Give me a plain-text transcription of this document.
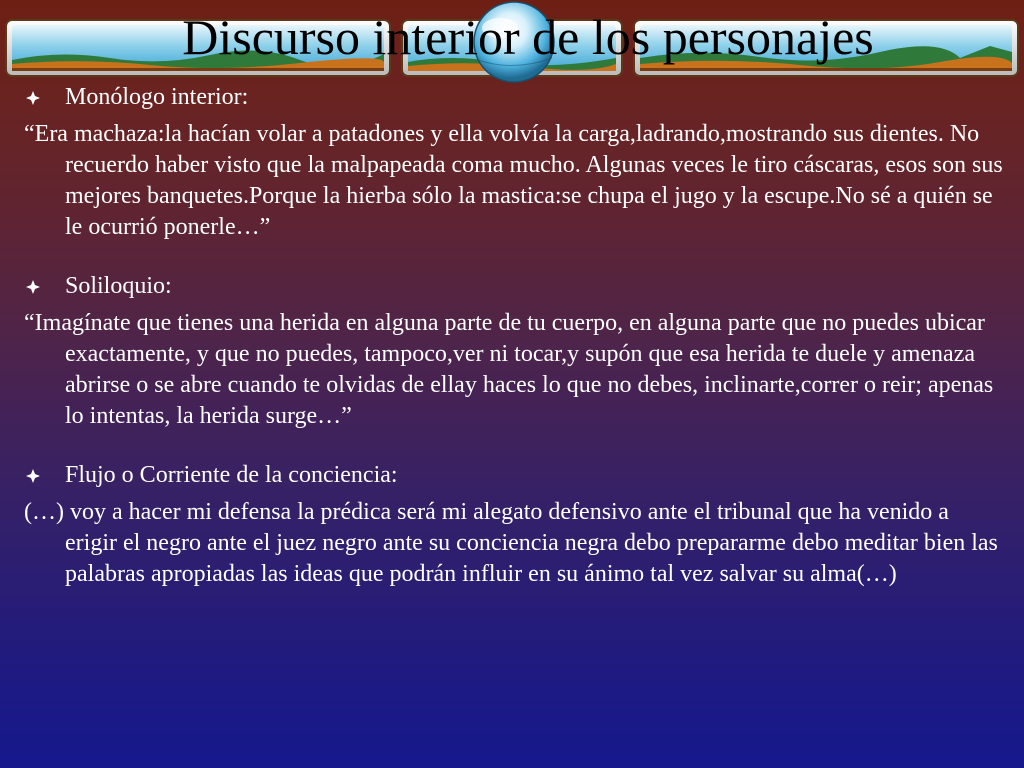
Discurso interior de los personajes
Monólogo interior:

“Era machaza:la hacían volar a patadones y ella volvía la carga,ladrando,mostrando sus dientes. No recuerdo haber visto que la malpapeada coma mucho. Algunas veces le tiro cáscaras, esos son sus mejores banquetes.Porque la hierba sólo la mastica:se chupa el jugo y la escupe.No sé a quién se le ocurrió ponerle…”

Soliloquio:

“Imagínate que tienes una herida en alguna parte de tu cuerpo, en alguna parte que no puedes ubicar exactamente, y que no puedes, tampoco,ver ni tocar,y supón que esa herida te duele y amenaza abrirse o se abre cuando te olvidas de ellay haces lo que no debes, inclinarte,correr o reir; apenas lo intentas, la herida surge…”

Flujo o Corriente de la conciencia:

(…) voy a hacer mi defensa la prédica será mi alegato defensivo ante el tribunal que ha venido a erigir el negro ante el juez negro ante su conciencia negra debo prepararme debo meditar bien las palabras apropiadas las ideas que podrán influir en su ánimo tal vez salvar su alma(…)
